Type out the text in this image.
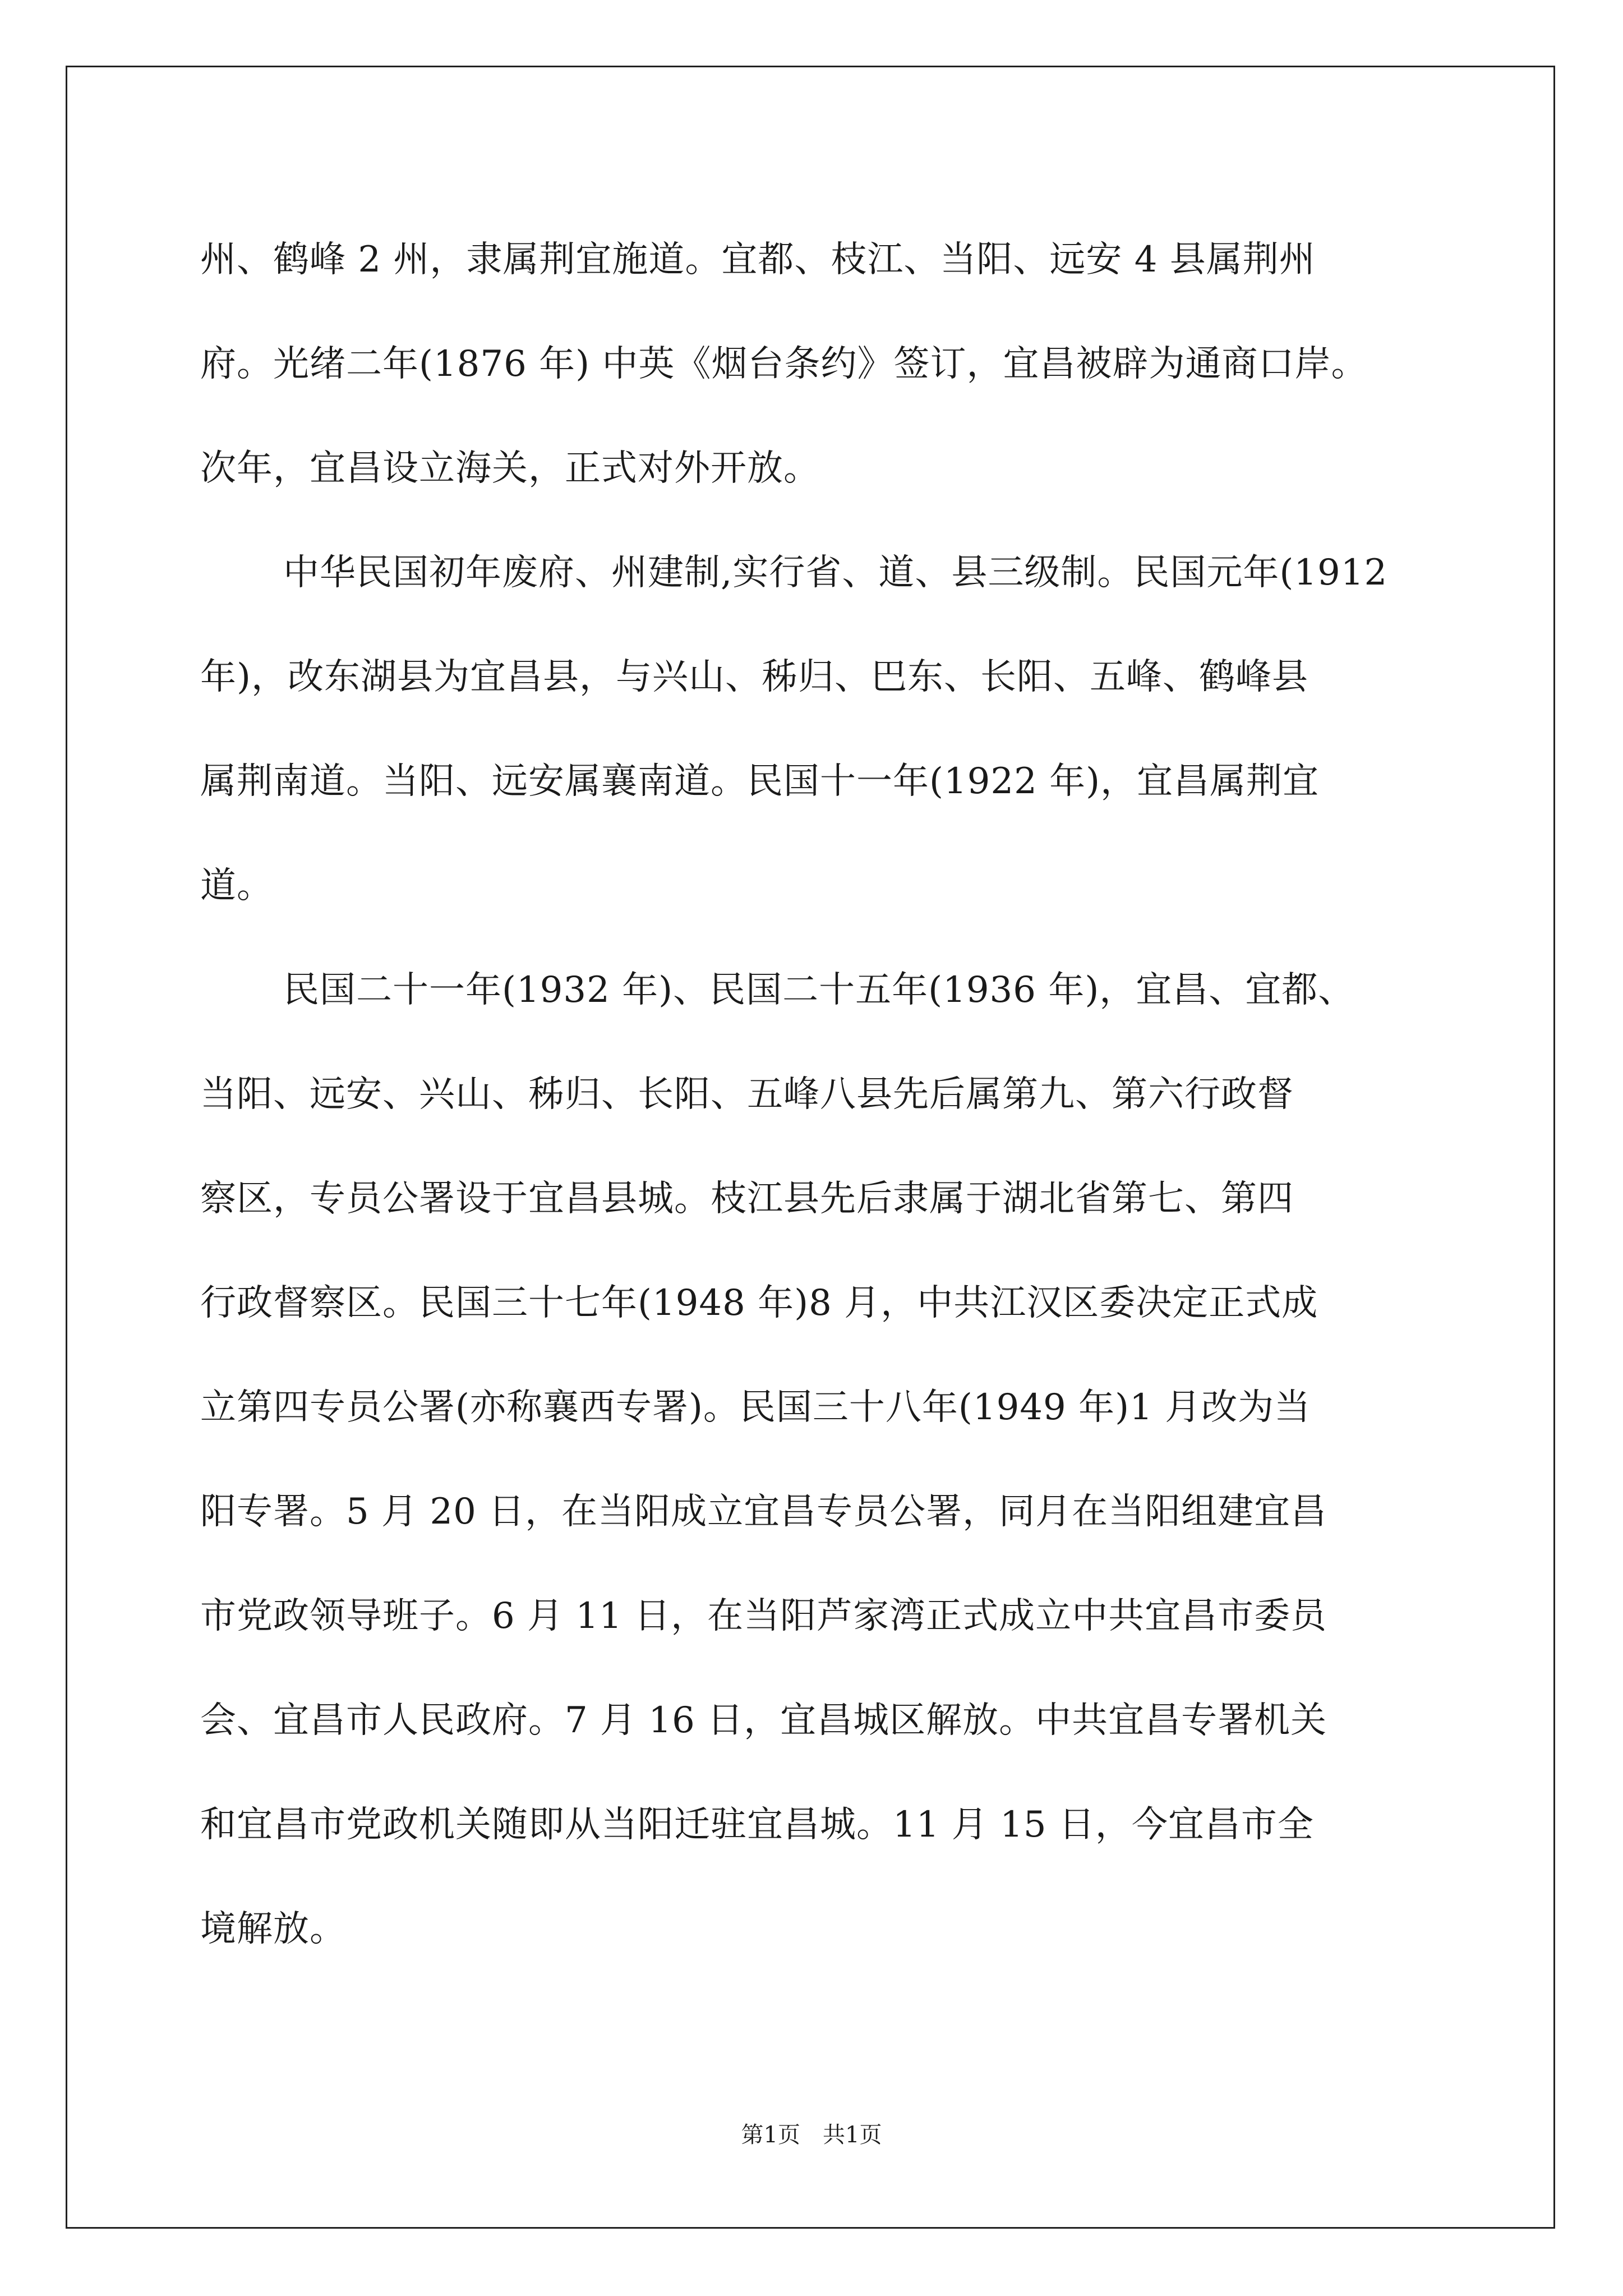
州、鹤峰 2 州，隶属荆宜施道。宜都、枝江、当阳、远安 4 县属荆州
府。光绪二年(1876 年) 中英《烟台条约》签订，宜昌被辟为通商口岸。
次年，宜昌设立海关，正式对外开放。
中华民国初年废府、州建制,实行省、道、县三级制。民国元年(1912
年)，改东湖县为宜昌县，与兴山、秭归、巴东、长阳、五峰、鹤峰县
属荆南道。当阳、远安属襄南道。民国十一年(1922 年)，宜昌属荆宜
道。
民国二十一年(1932 年)、民国二十五年(1936 年)，宜昌、宜都、
当阳、远安、兴山、秭归、长阳、五峰八县先后属第九、第六行政督
察区，专员公署设于宜昌县城。枝江县先后隶属于湖北省第七、第四
行政督察区。民国三十七年(1948 年)8 月，中共江汉区委决定正式成
立第四专员公署(亦称襄西专署)。民国三十八年(1949 年)1 月改为当
阳专署。5 月 20 日，在当阳成立宜昌专员公署，同月在当阳组建宜昌
市党政领导班子。6 月 11 日，在当阳芦家湾正式成立中共宜昌市委员
会、宜昌市人民政府。7 月 16 日，宜昌城区解放。中共宜昌专署机关
和宜昌市党政机关随即从当阳迁驻宜昌城。11 月 15 日，今宜昌市全
境解放。
第1页　共1页
